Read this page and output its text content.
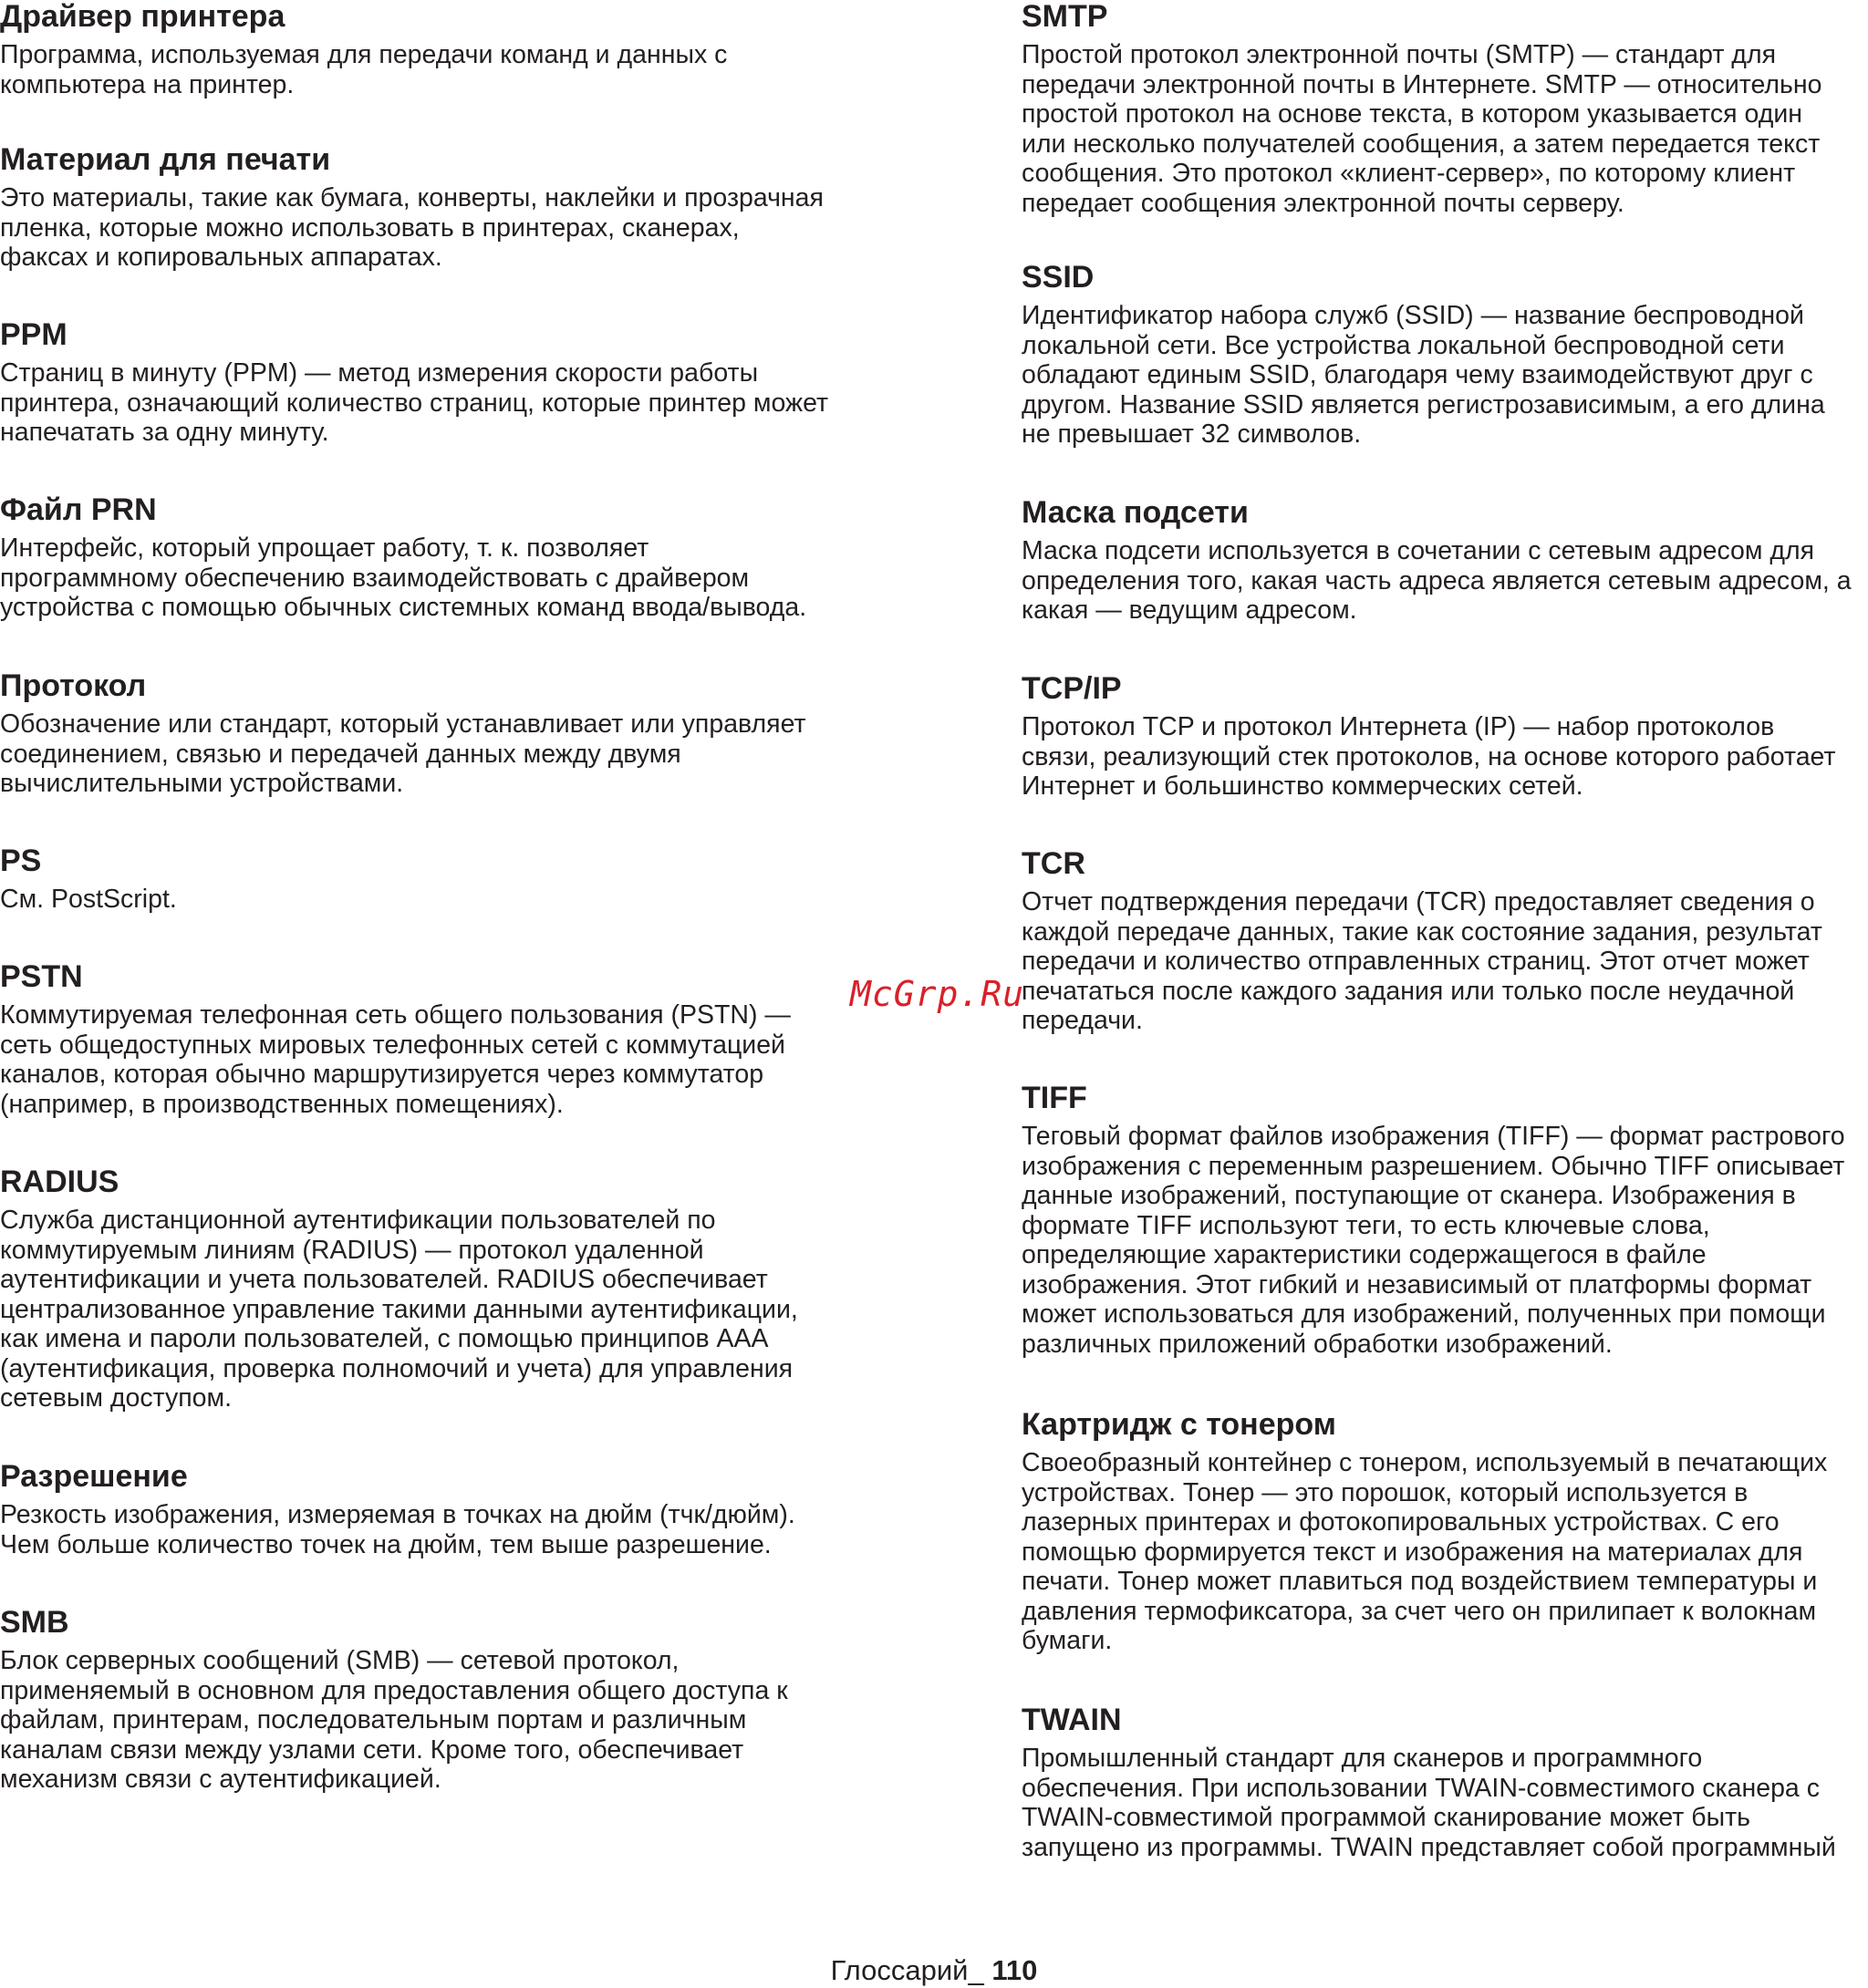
Драйвер принтера

Программа, используемая для передачи команд и данных с
компьютера на принтер.

Материал для печати

Это материалы, такие как бумага, конверты, наклейки и прозрачная
пленка, которые можно использовать в принтерах, сканерах,
факсах и копировальных аппаратах.

PPM

Страниц в минуту (PPM) — метод измерения скорости работы
принтера, означающий количество страниц, которые принтер может
напечатать за одну минуту.

Файл PRN

Интерфейс, который упрощает работу, т. к. позволяет
программному обеспечению взаимодействовать с драйвером
устройства с помощью обычных системных команд ввода/вывода.

Протокол

Обозначение или стандарт, который устанавливает или управляет
соединением, связью и передачей данных между двумя
вычислительными устройствами.

PS

См. PostScript.

PSTN

Коммутируемая телефонная сеть общего пользования (PSTN) —
сеть общедоступных мировых телефонных сетей с коммутацией
каналов, которая обычно маршрутизируется через коммутатор
(например, в производственных помещениях).

RADIUS

Служба дистанционной аутентификации пользователей по
коммутируемым линиям (RADIUS) — протокол удаленной
аутентификации и учета пользователей. RADIUS обеспечивает
централизованное управление такими данными аутентификации,
как имена и пароли пользователей, с помощью принципов AAA
(аутентификация, проверка полномочий и учета) для управления
сетевым доступом.

Разрешение

Резкость изображения, измеряемая в точках на дюйм (тчк/дюйм).
Чем больше количество точек на дюйм, тем выше разрешение.

SMB

Блок серверных сообщений (SMB) — сетевой протокол,
применяемый в основном для предоставления общего доступа к
файлам, принтерам, последовательным портам и различным
каналам связи между узлами сети. Кроме того, обеспечивает
механизм связи с аутентификацией.

SMTP

Простой протокол электронной почты (SMTP) — стандарт для
передачи электронной почты в Интернете. SMTP — относительно
простой протокол на основе текста, в котором указывается один
или несколько получателей сообщения, а затем передается текст
сообщения. Это протокол «клиент-сервер», по которому клиент
передает сообщения электронной почты серверу.

SSID

Идентификатор набора служб (SSID) — название беспроводной
локальной сети. Все устройства локальной беспроводной сети
обладают единым SSID, благодаря чему взаимодействуют друг с
другом. Название SSID является регистрозависимым, а его длина
не превышает 32 символов.

Маска подсети

Маска подсети используется в сочетании с сетевым адресом для
определения того, какая часть адреса является сетевым адресом, а
какая — ведущим адресом.

TCP/IP

Протокол TCP и протокол Интернета (IP) — набор протоколов
связи, реализующий стек протоколов, на основе которого работает
Интернет и большинство коммерческих сетей.

TCR

Отчет подтверждения передачи (TCR) предоставляет сведения о
каждой передаче данных, такие как состояние задания, результат
передачи и количество отправленных страниц. Этот отчет может
печататься после каждого задания или только после неудачной
передачи.

TIFF

Теговый формат файлов изображения (TIFF) — формат растрового
изображения с переменным разрешением. Обычно TIFF описывает
данные изображений, поступающие от сканера. Изображения в
формате TIFF используют теги, то есть ключевые слова,
определяющие характеристики содержащегося в файле
изображения. Этот гибкий и независимый от платформы формат
может использоваться для изображений, полученных при помощи
различных приложений обработки изображений.

Картридж с тонером

Своеобразный контейнер с тонером, используемый в печатающих
устройствах. Тонер — это порошок, который используется в
лазерных принтерах и фотокопировальных устройствах. С его
помощью формируется текст и изображения на материалах для
печати. Тонер может плавиться под воздействием температуры и
давления термофиксатора, за счет чего он прилипает к волокнам
бумаги.

TWAIN

Промышленный стандарт для сканеров и программного
обеспечения. При использовании TWAIN-совместимого сканера с
TWAIN-совместимой программой сканирование может быть
запущено из программы. TWAIN представляет собой программный

McGrp.Ru
Глоссарий_ 110
